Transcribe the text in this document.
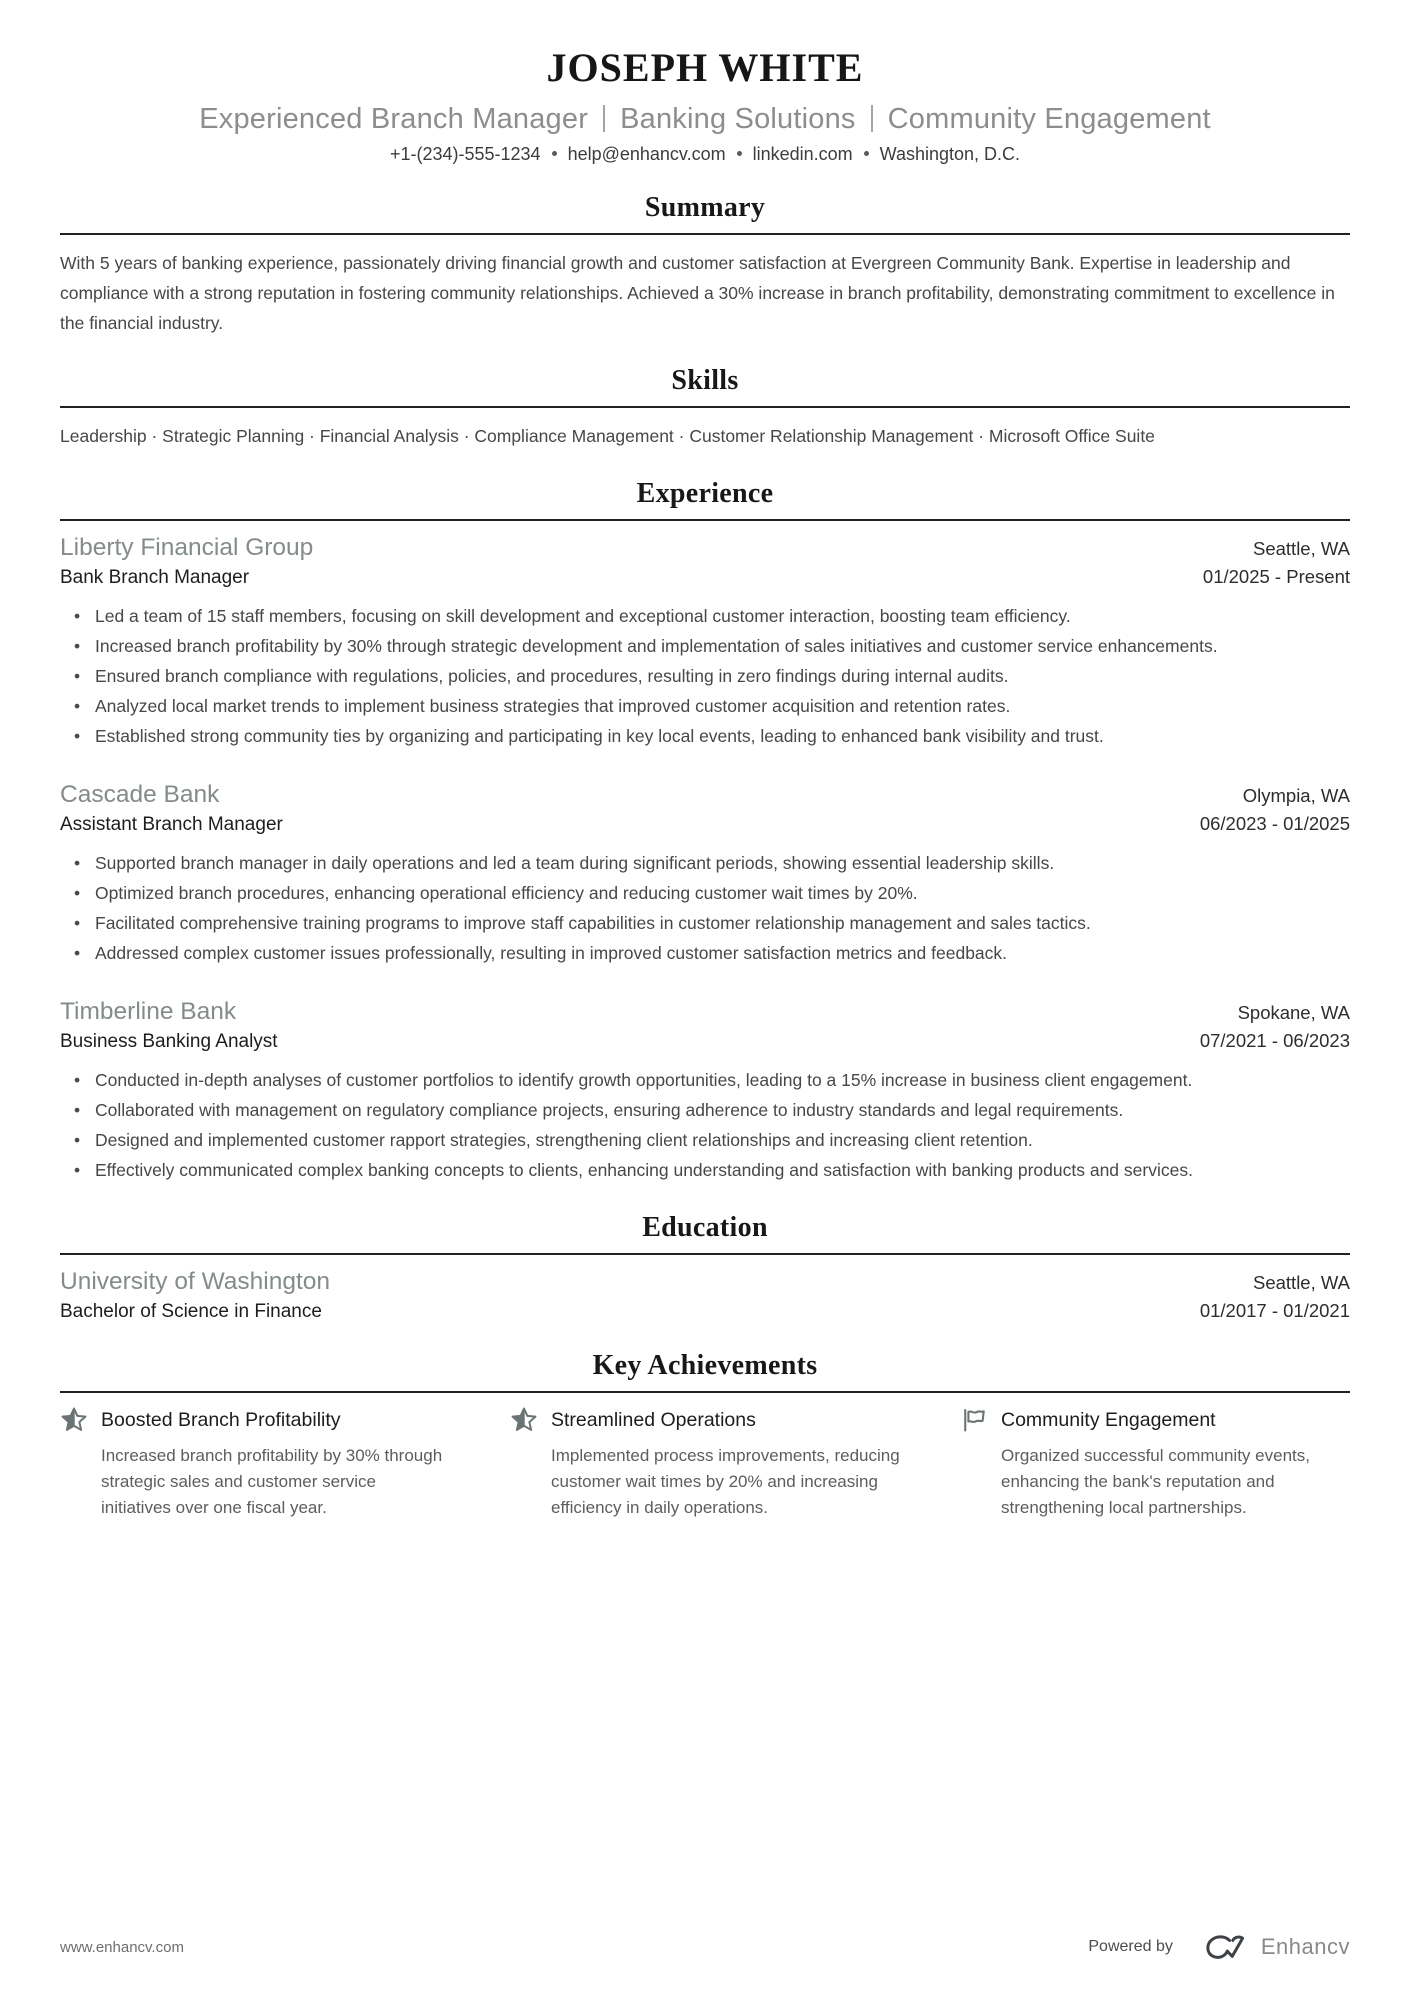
JOSEPH WHITE
Experienced Branch Manager Banking Solutions Community Engagement
+1-(234)-555-1234 help@enhancv.com linkedin.com Washington, D.C.
Summary

With 5 years of banking experience, passionately driving financial growth and customer satisfaction at Evergreen Community Bank. Expertise in leadership and compliance with a strong reputation in fostering community relationships. Achieved a 30% increase in branch profitability, demonstrating commitment to excellence in the financial industry.

Skills

Leadership · Strategic Planning · Financial Analysis · Compliance Management · Customer Relationship Management · Microsoft Office Suite

Experience
Liberty Financial Group	Seattle, WA
Bank Branch Manager	01/2025 - Present
• Led a team of 15 staff members, focusing on skill development and exceptional customer interaction, boosting team efficiency.
• Increased branch profitability by 30% through strategic development and implementation of sales initiatives and customer service enhancements.
• Ensured branch compliance with regulations, policies, and procedures, resulting in zero findings during internal audits.
• Analyzed local market trends to implement business strategies that improved customer acquisition and retention rates.
• Established strong community ties by organizing and participating in key local events, leading to enhanced bank visibility and trust.
Cascade Bank	Olympia, WA
Assistant Branch Manager	06/2023 - 01/2025
• Supported branch manager in daily operations and led a team during significant periods, showing essential leadership skills.
• Optimized branch procedures, enhancing operational efficiency and reducing customer wait times by 20%.
• Facilitated comprehensive training programs to improve staff capabilities in customer relationship management and sales tactics.
• Addressed complex customer issues professionally, resulting in improved customer satisfaction metrics and feedback.
Timberline Bank	Spokane, WA
Business Banking Analyst	07/2021 - 06/2023
• Conducted in-depth analyses of customer portfolios to identify growth opportunities, leading to a 15% increase in business client engagement.
• Collaborated with management on regulatory compliance projects, ensuring adherence to industry standards and legal requirements.
• Designed and implemented customer rapport strategies, strengthening client relationships and increasing client retention.
• Effectively communicated complex banking concepts to clients, enhancing understanding and satisfaction with banking products and services.
Education
University of Washington	Seattle, WA
Bachelor of Science in Finance	01/2017 - 01/2021
Key Achievements
Boosted Branch Profitability

Increased branch profitability by 30% through strategic sales and customer service initiatives over one fiscal year.

Streamlined Operations

Implemented process improvements, reducing customer wait times by 20% and increasing efficiency in daily operations.

Community Engagement

Organized successful community events, enhancing the bank's reputation and strengthening local partnerships.

www.enhancv.com	Powered by	Enhancv
